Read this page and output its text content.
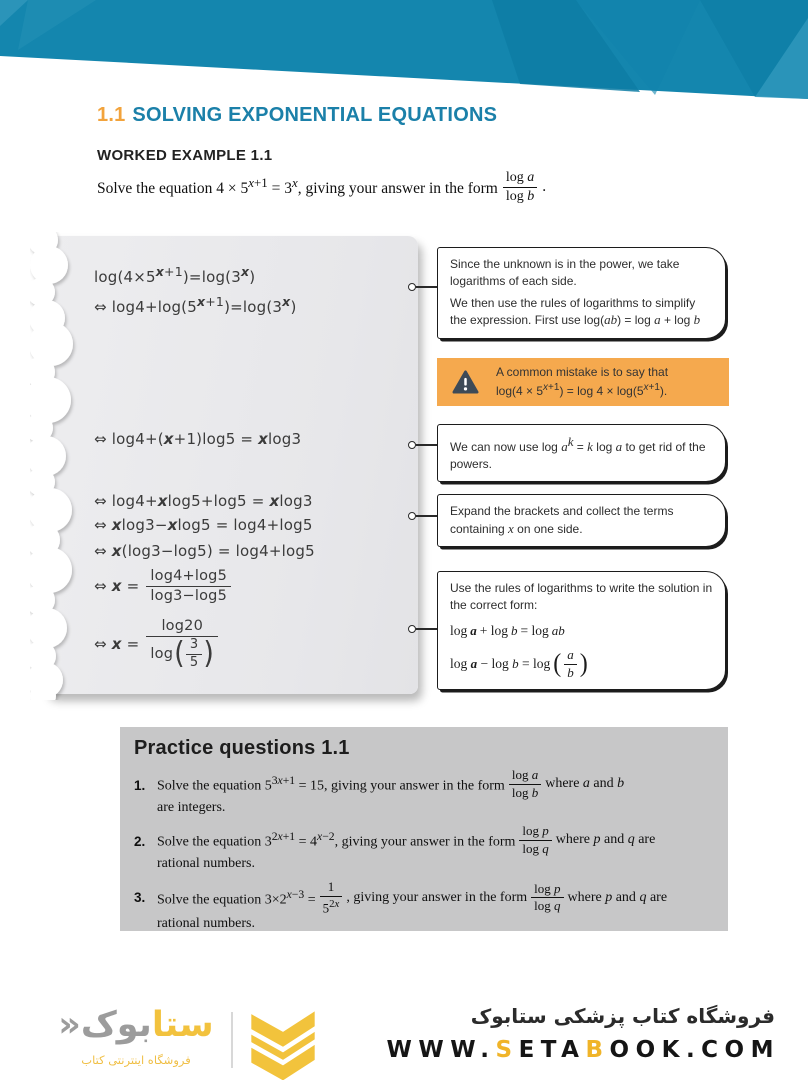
1.1 SOLVING EXPONENTIAL EQUATIONS
WORKED EXAMPLE 1.1
Solve the equation $4 \times 5^{x+1} = 3^x$, giving your answer in the form $\frac{\text{log a}}{\text{log b}}$ .
$\log(4\times 5^{x+1})=\log(3^x)$
⇔ $\log 4+\log(5^{x+1})=\log(3^x)$
⇔ log4+(x+1)log5 = xlog3
⇔ log4+xlog5+log5 = xlog3
⇔ xlog3−xlog5 = log4+log5
⇔ x(log3−log5) = log4+log5
⇔ $x = \frac{\log 4+\log 5}{\log 3-\log 5}$
⇔ x =
log20
log ( $\frac{3}{5}$ )

Since the unknown is in the power, we take logarithms of each side.

We then use the rules of logarithms to simplify the expression. First use log(ab) = log a + log b

A common mistake is to say that
$\log(4 \times 5^{x+1}) = \log 4 \times \log(5^{x+1})$.

We can now use $\log a^k = k$ log a to get rid of the powers.

Expand the brackets and collect the terms containing x on one side.

Use the rules of logarithms to write the solution in the correct form:

log a + log b = log ab
log a − log b = log ( $\frac{a}{b}$ )
Practice questions 1.1
1. Solve the equation $5^{3x+1} = 15$, giving your answer in the form $\frac{\text{log a}}{\text{log b}}$ where a and b
are integers.
2. Solve the equation $3^{2x+1} = 4^{x-2}$, giving your answer in the form $\frac{\text{log p}}{\text{log q}}$ where p and q are
rational numbers.
3. Solve the equation $3\times 2^{x-3} = \frac{1}{5^{2x}}$ , giving your answer in the form $\frac{\text{log p}}{\text{log q}}$ where p and q are
rational numbers.
ستابوک«
فروشگاه اینترنتی کتاب
فروشگاه کتاب پزشکی ستابوک
WWW.SETABOOK.COM
